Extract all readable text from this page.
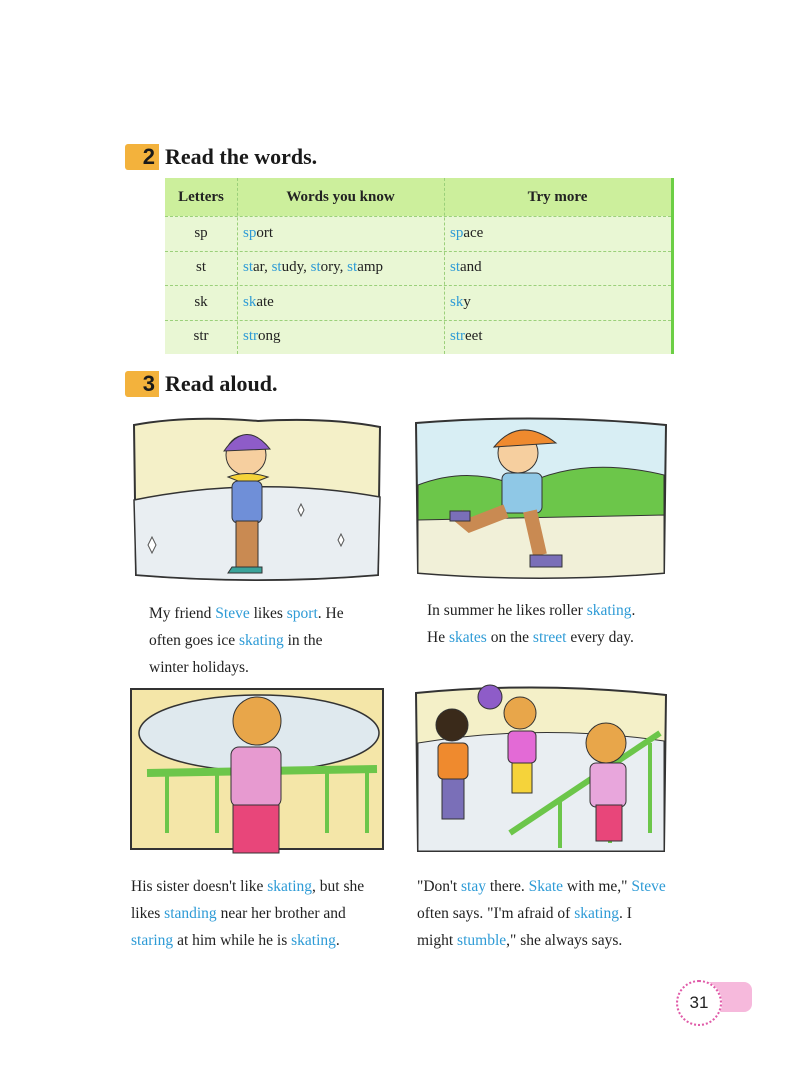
2 Read the words.
Letters	Words you know	Try more
sp	sport	space
st	star, study, story, stamp	stand
sk	skate	sky
str	strong	street
3 Read aloud.
My friend Steve likes sport. He
often goes ice skating in the
winter holidays.
In summer he likes roller skating.
He skates on the street every day.
His sister doesn't like skating, but she
likes standing near her brother and
staring at him while he is skating.
"Don't stay there. Skate with me," Steve
often says. "I'm afraid of skating. I
might stumble," she always says.
31
